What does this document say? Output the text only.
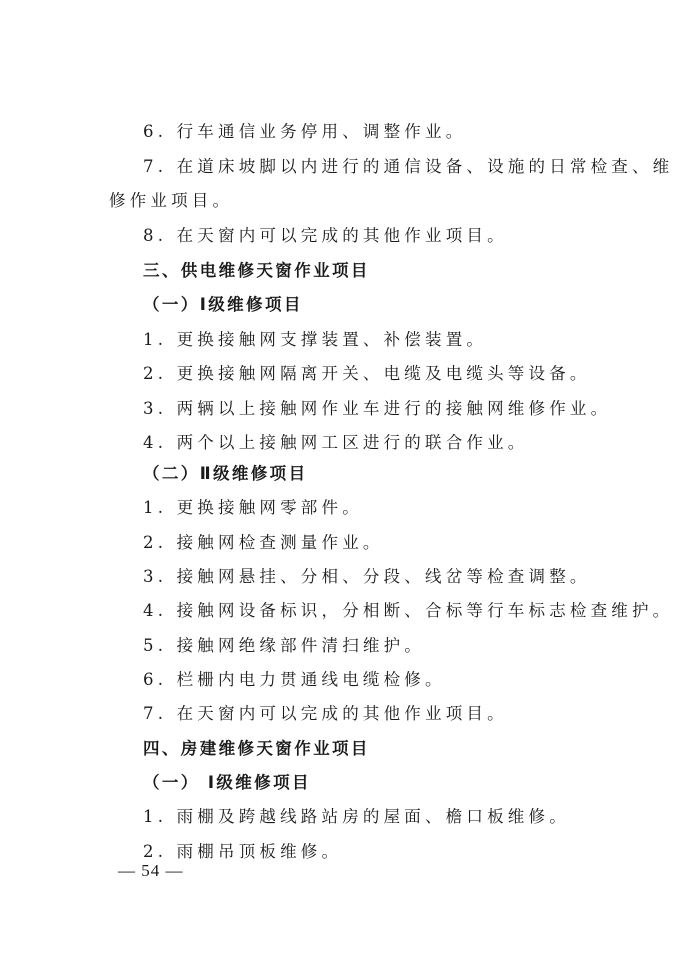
6. 行车通信业务停用、调整作业。
7. 在道床坡脚以内进行的通信设备、设施的日常检查、维
修作业项目。
8. 在天窗内可以完成的其他作业项目。
三、供电维修天窗作业项目
（一）Ⅰ级维修项目
1. 更换接触网支撑装置、补偿装置。
2. 更换接触网隔离开关、电缆及电缆头等设备。
3. 两辆以上接触网作业车进行的接触网维修作业。
4. 两个以上接触网工区进行的联合作业。
（二）Ⅱ级维修项目
1. 更换接触网零部件。
2. 接触网检查测量作业。
3. 接触网悬挂、分相、分段、线岔等检查调整。
4. 接触网设备标识，分相断、合标等行车标志检查维护。
5. 接触网绝缘部件清扫维护。
6. 栏栅内电力贯通线电缆检修。
7. 在天窗内可以完成的其他作业项目。
四、房建维修天窗作业项目
（一） Ⅰ级维修项目
1. 雨棚及跨越线路站房的屋面、檐口板维修。
2. 雨棚吊顶板维修。
— 54 —
